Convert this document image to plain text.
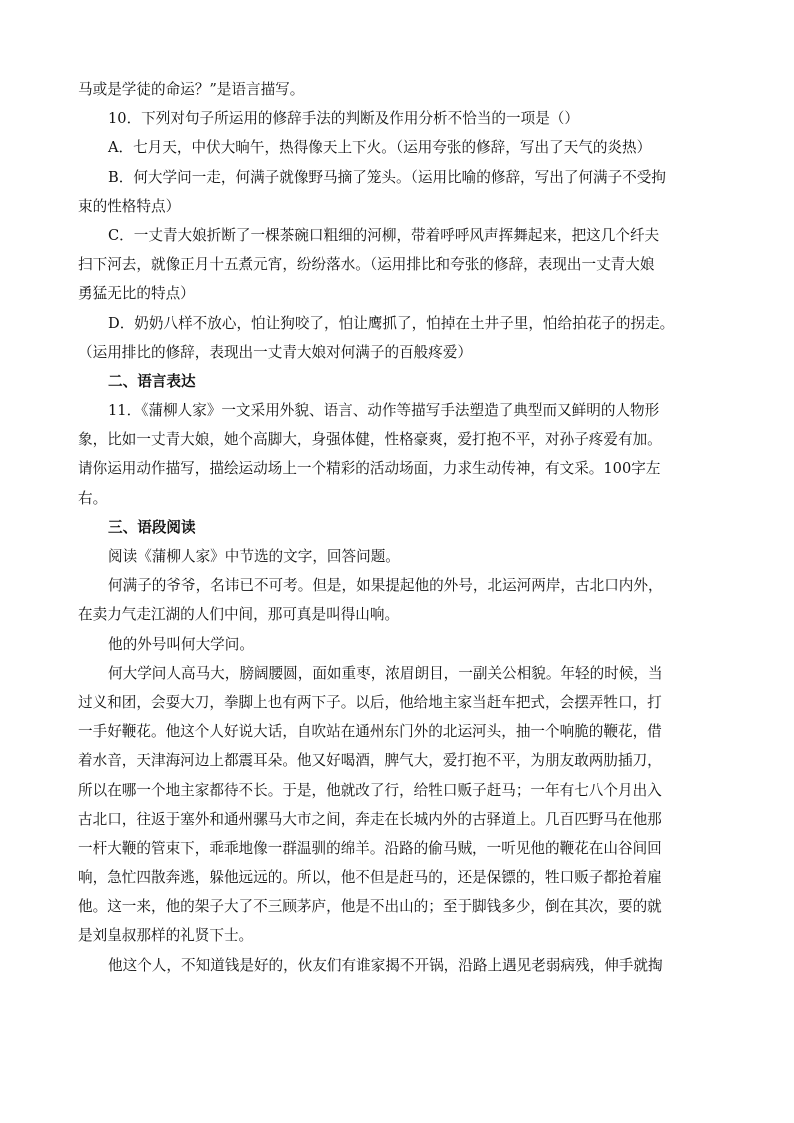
马或是学徒的命运？”是语言描写。

10．下列对句子所运用的修辞手法的判断及作用分析不恰当的一项是（）

A．七月天，中伏大晌午，热得像天上下火。（运用夸张的修辞，写出了天气的炎热）

B．何大学问一走，何满子就像野马摘了笼头。（运用比喻的修辞，写出了何满子不受拘

束的性格特点）

C．一丈青大娘折断了一棵茶碗口粗细的河柳，带着呼呼风声挥舞起来，把这几个纤夫

扫下河去，就像正月十五煮元宵，纷纷落水。（运用排比和夸张的修辞，表现出一丈青大娘

勇猛无比的特点）

D．奶奶八样不放心，怕让狗咬了，怕让鹰抓了，怕掉在土井子里，怕给拍花子的拐走。

（运用排比的修辞，表现出一丈青大娘对何满子的百般疼爱）

二、语言表达

11．《蒲柳人家》一文采用外貌、语言、动作等描写手法塑造了典型而又鲜明的人物形

象，比如一丈青大娘，她个高脚大，身强体健，性格豪爽，爱打抱不平，对孙子疼爱有加。

请你运用动作描写，描绘运动场上一个精彩的活动场面，力求生动传神，有文采。100字左

右。

三、语段阅读

阅读《蒲柳人家》中节选的文字，回答问题。

何满子的爷爷，名讳已不可考。但是，如果提起他的外号，北运河两岸，古北口内外，

在卖力气走江湖的人们中间，那可真是叫得山响。

他的外号叫何大学问。

何大学问人高马大，膀阔腰圆，面如重枣，浓眉朗目，一副关公相貌。年轻的时候，当

过义和团，会耍大刀，拳脚上也有两下子。以后，他给地主家当赶车把式，会摆弄牲口，打

一手好鞭花。他这个人好说大话，自吹站在通州东门外的北运河头，抽一个响脆的鞭花，借

着水音，天津海河边上都震耳朵。他又好喝酒，脾气大，爱打抱不平，为朋友敢两肋插刀，

所以在哪一个地主家都待不长。于是，他就改了行，给牲口贩子赶马；一年有七八个月出入

古北口，往返于塞外和通州骡马大市之间，奔走在长城内外的古驿道上。几百匹野马在他那

一杆大鞭的管束下，乖乖地像一群温驯的绵羊。沿路的偷马贼，一听见他的鞭花在山谷间回

响，急忙四散奔逃，躲他远远的。所以，他不但是赶马的，还是保镖的，牲口贩子都抢着雇

他。这一来，他的架子大了不三顾茅庐，他是不出山的；至于脚钱多少，倒在其次，要的就

是刘皇叔那样的礼贤下士。

他这个人，不知道钱是好的，伙友们有谁家揭不开锅，沿路上遇见老弱病残，伸手就掏
